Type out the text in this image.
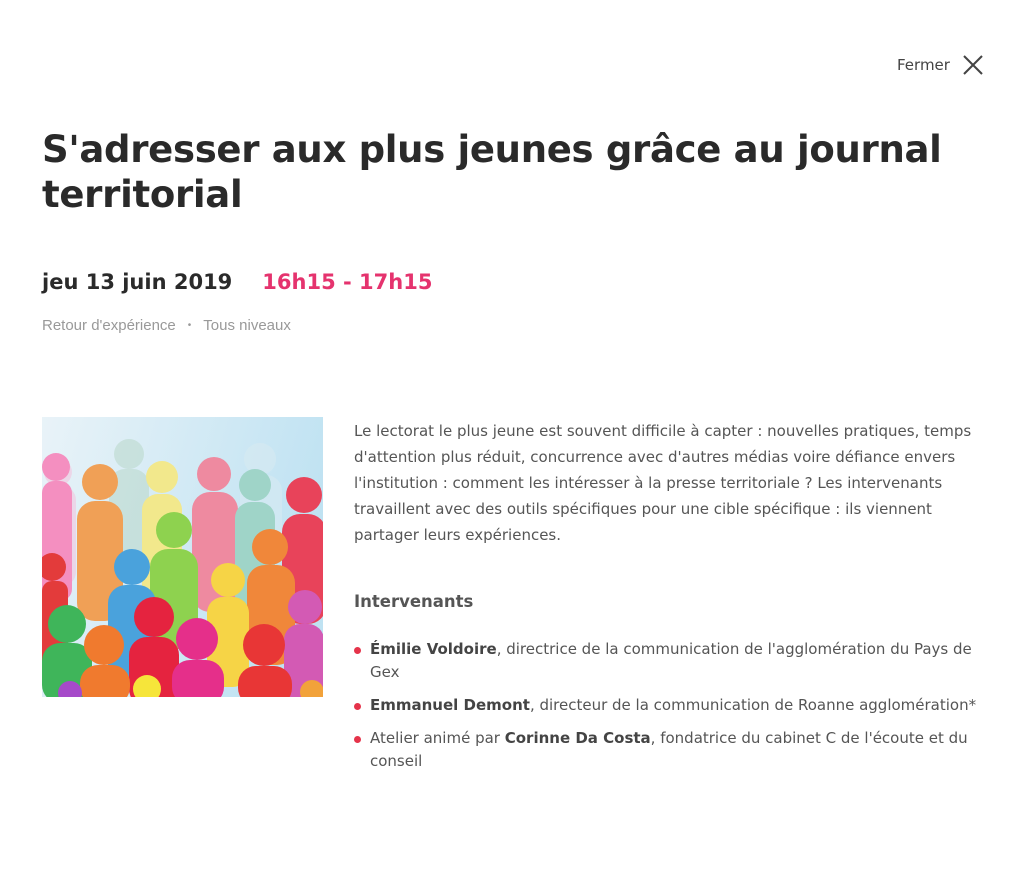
Fermer
S'adresser aux plus jeunes grâce au journal territorial
jeu 13 juin 2019 16h15 - 17h15
Retour d'expérience • Tous niveaux

Le lectorat le plus jeune est souvent difficile à capter : nouvelles pratiques, temps d'attention plus réduit, concurrence avec d'autres médias voire défiance envers l'institution : comment les intéresser à la presse territoriale ? Les intervenants travaillent avec des outils spécifiques pour une cible spécifique : ils viennent partager leurs expériences.

Intervenants
Émilie Voldoire, directrice de la communication de l'agglomération du Pays de Gex
Emmanuel Demont, directeur de la communication de Roanne agglomération*
Atelier animé par Corinne Da Costa, fondatrice du cabinet C de l'écoute et du conseil
